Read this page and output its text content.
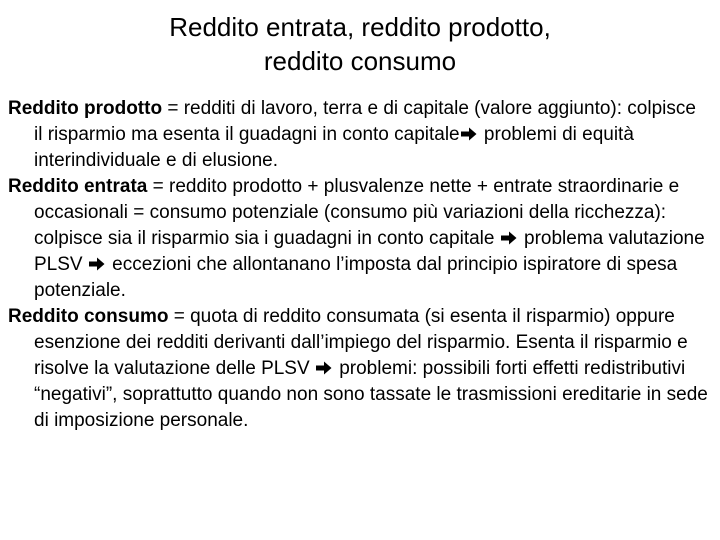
Reddito entrata, reddito prodotto,
reddito consumo

Reddito prodotto = redditi di lavoro, terra e di capitale (valore aggiunto): colpisce il risparmio ma esenta il guadagni in conto capitale
problemi di equità interindividuale e di elusione.

Reddito entrata = reddito prodotto + plusvalenze nette + entrate straordinarie e occasionali = consumo potenziale (consumo più variazioni della ricchezza): colpisce sia il risparmio sia i guadagni in conto capitale
problema valutazione PLSV
eccezioni che allontanano l’imposta dal principio ispiratore di spesa potenziale.

Reddito consumo = quota di reddito consumata (si esenta il risparmio) oppure esenzione dei redditi derivanti dall’impiego del risparmio. Esenta il risparmio e risolve la valutazione delle PLSV
problemi: possibili forti effetti redistributivi “negativi”, soprattutto quando non sono tassate le trasmissioni ereditarie in sede di imposizione personale.
